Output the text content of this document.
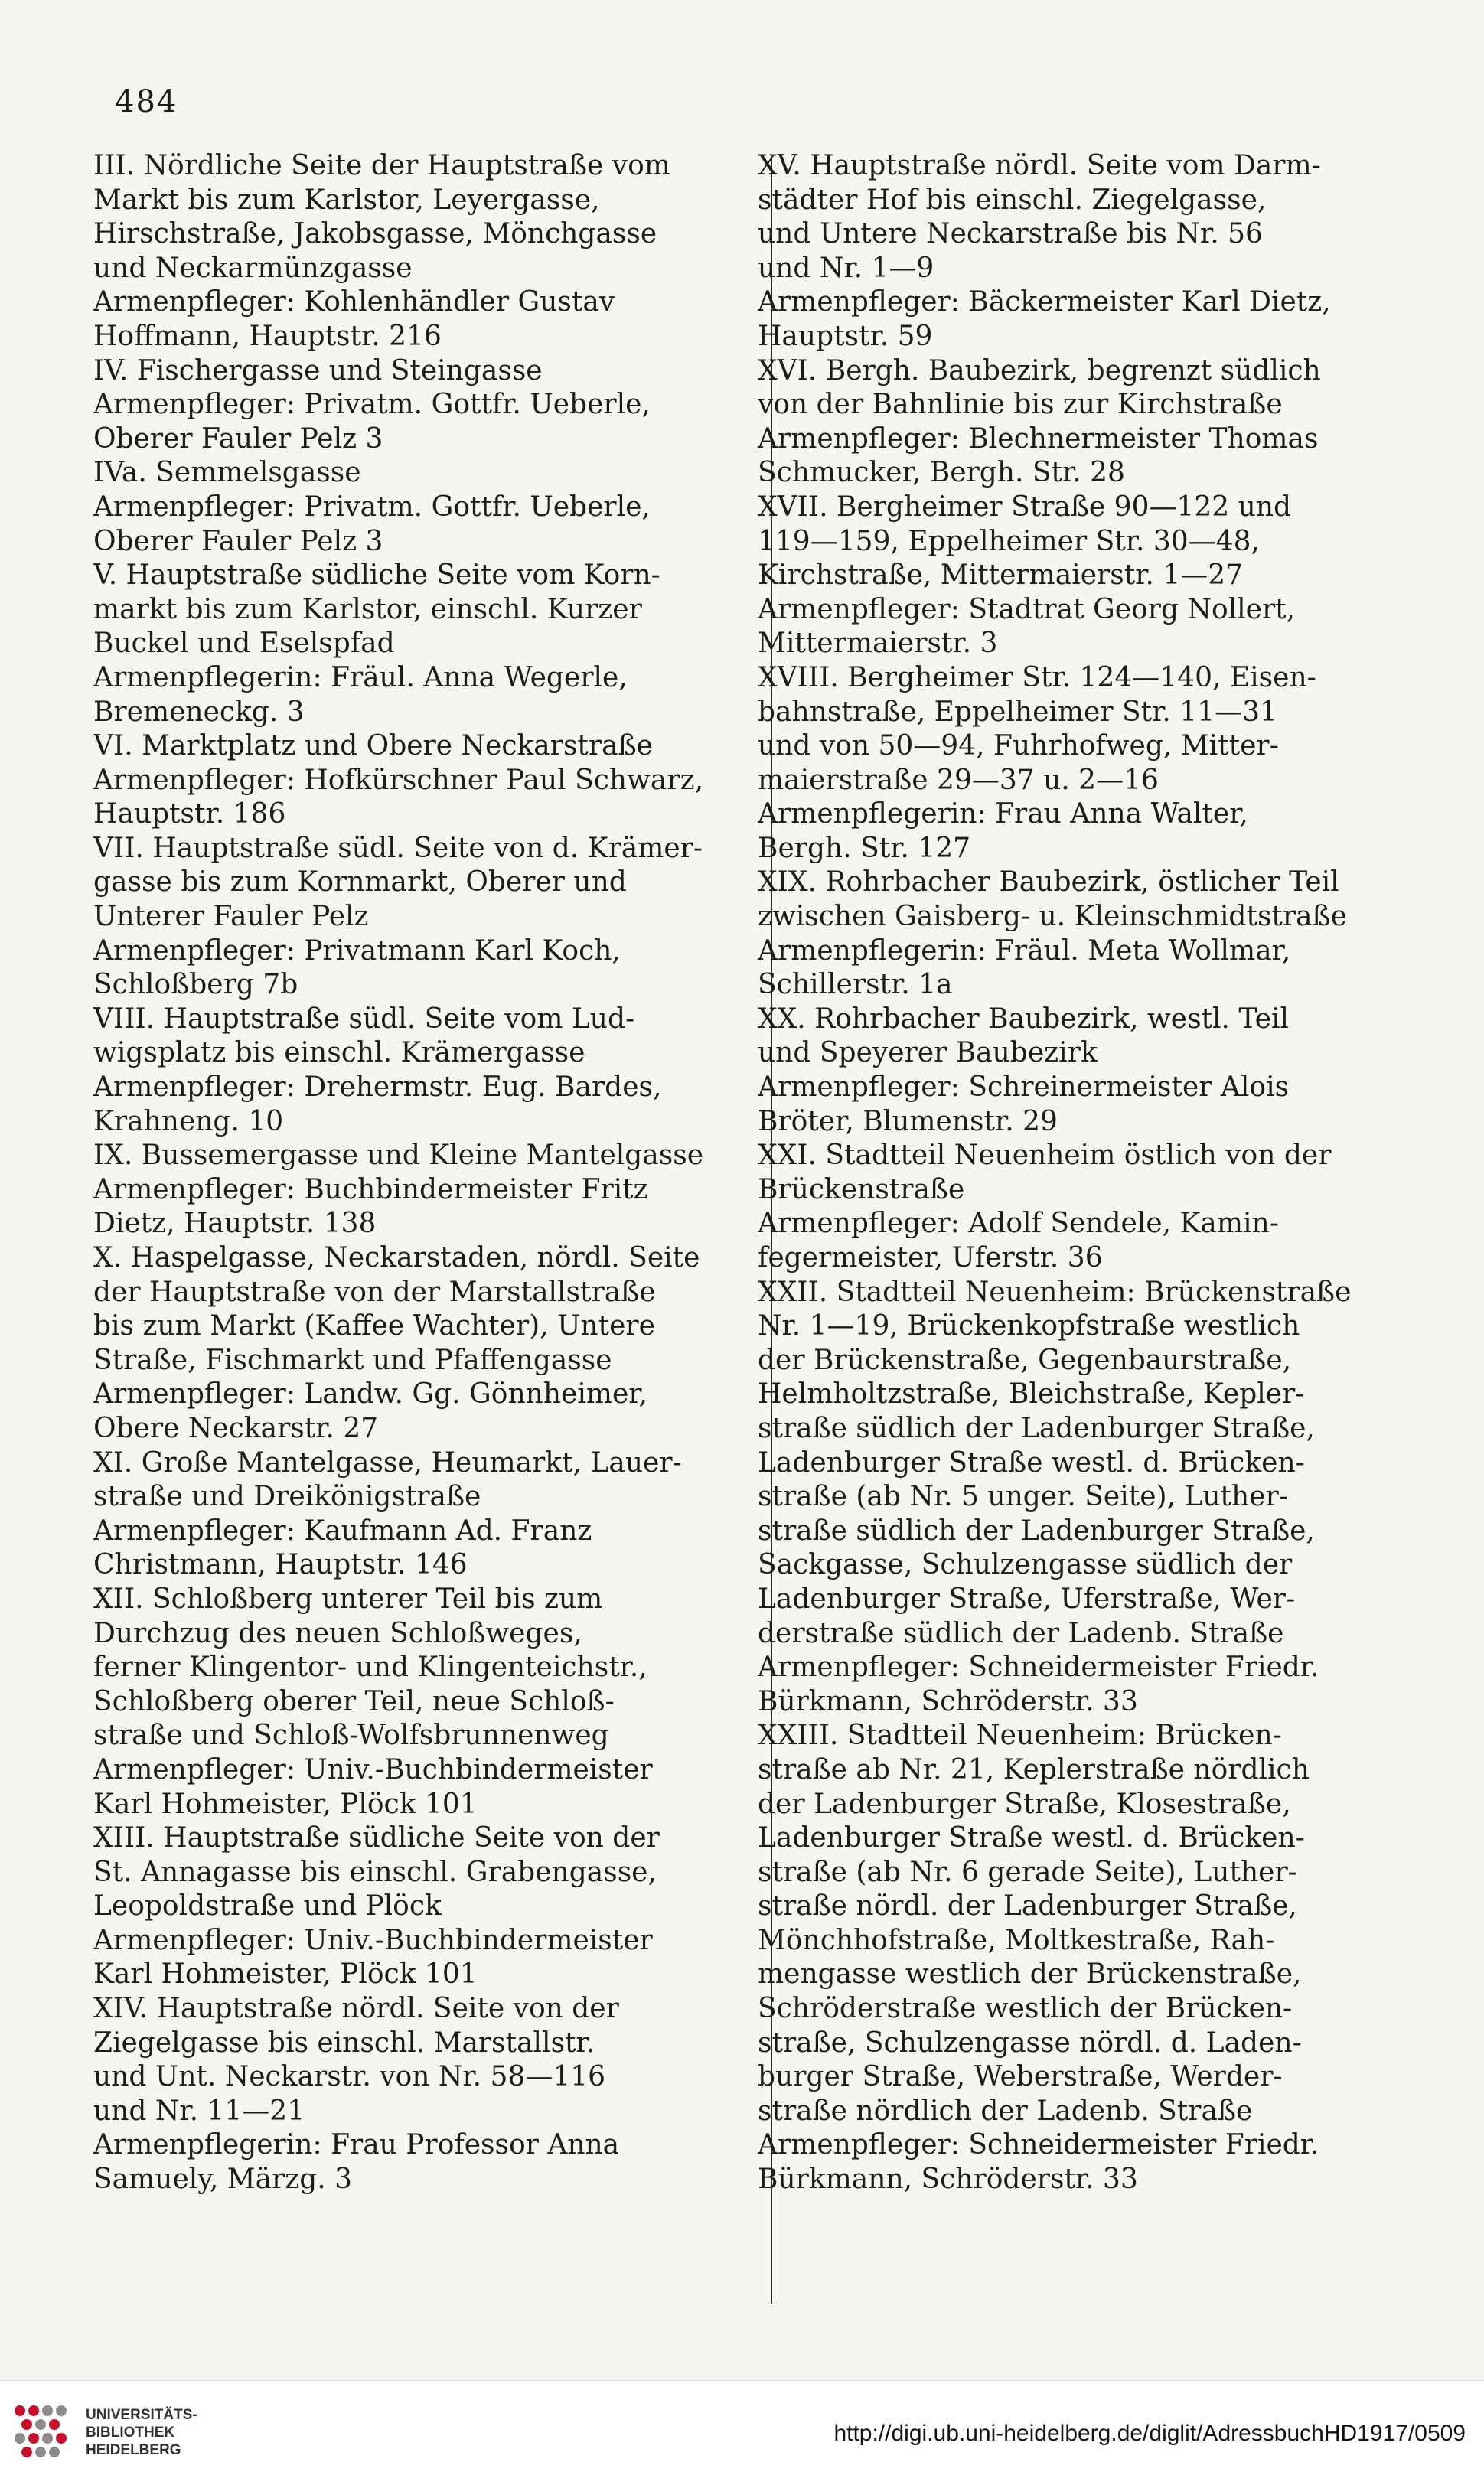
484
III. Nördliche Seite der Hauptstraße vom
Markt bis zum Karlstor, Leyergasse,
Hirschstraße, Jakobsgasse, Mönchgasse
und Neckarmünzgasse
Armenpfleger: Kohlenhändler Gustav
Hoffmann, Hauptstr. 216
IV. Fischergasse und Steingasse
Armenpfleger: Privatm. Gottfr. Ueberle,
Oberer Fauler Pelz 3
IVa. Semmelsgasse
Armenpfleger: Privatm. Gottfr. Ueberle,
Oberer Fauler Pelz 3
V. Hauptstraße südliche Seite vom Korn-
markt bis zum Karlstor, einschl. Kurzer
Buckel und Eselspfad
Armenpflegerin: Fräul. Anna Wegerle,
Bremeneckg. 3
VI. Marktplatz und Obere Neckarstraße
Armenpfleger: Hofkürschner Paul Schwarz,
Hauptstr. 186
VII. Hauptstraße südl. Seite von d. Krämer-
gasse bis zum Kornmarkt, Oberer und
Unterer Fauler Pelz
Armenpfleger: Privatmann Karl Koch,
Schloßberg 7b
VIII. Hauptstraße südl. Seite vom Lud-
wigsplatz bis einschl. Krämergasse
Armenpfleger: Drehermstr. Eug. Bardes,
Krahneng. 10
IX. Bussemergasse und Kleine Mantelgasse
Armenpfleger: Buchbindermeister Fritz
Dietz, Hauptstr. 138
X. Haspelgasse, Neckarstaden, nördl. Seite
der Hauptstraße von der Marstallstraße
bis zum Markt (Kaffee Wachter), Untere
Straße, Fischmarkt und Pfaffengasse
Armenpfleger: Landw. Gg. Gönnheimer,
Obere Neckarstr. 27
XI. Große Mantelgasse, Heumarkt, Lauer-
straße und Dreikönigstraße
Armenpfleger: Kaufmann Ad. Franz
Christmann, Hauptstr. 146
XII. Schloßberg unterer Teil bis zum
Durchzug des neuen Schloßweges,
ferner Klingentor- und Klingenteichstr.,
Schloßberg oberer Teil, neue Schloß-
straße und Schloß-Wolfsbrunnenweg
Armenpfleger: Univ.-Buchbindermeister
Karl Hohmeister, Plöck 101
XIII. Hauptstraße südliche Seite von der
St. Annagasse bis einschl. Grabengasse,
Leopoldstraße und Plöck
Armenpfleger: Univ.-Buchbindermeister
Karl Hohmeister, Plöck 101
XIV. Hauptstraße nördl. Seite von der
Ziegelgasse bis einschl. Marstallstr.
und Unt. Neckarstr. von Nr. 58—116
und Nr. 11—21
Armenpflegerin: Frau Professor Anna
Samuely, Märzg. 3
XV. Hauptstraße nördl. Seite vom Darm-
städter Hof bis einschl. Ziegelgasse,
und Untere Neckarstraße bis Nr. 56
und Nr. 1—9
Armenpfleger: Bäckermeister Karl Dietz,
Hauptstr. 59
XVI. Bergh. Baubezirk, begrenzt südlich
von der Bahnlinie bis zur Kirchstraße
Armenpfleger: Blechnermeister Thomas
Schmucker, Bergh. Str. 28
XVII. Bergheimer Straße 90—122 und
119—159, Eppelheimer Str. 30—48,
Kirchstraße, Mittermaierstr. 1—27
Armenpfleger: Stadtrat Georg Nollert,
Mittermaierstr. 3
XVIII. Bergheimer Str. 124—140, Eisen-
bahnstraße, Eppelheimer Str. 11—31
und von 50—94, Fuhrhofweg, Mitter-
maierstraße 29—37 u. 2—16
Armenpflegerin: Frau Anna Walter,
Bergh. Str. 127
XIX. Rohrbacher Baubezirk, östlicher Teil
zwischen Gaisberg- u. Kleinschmidtstraße
Armenpflegerin: Fräul. Meta Wollmar,
Schillerstr. 1a
XX. Rohrbacher Baubezirk, westl. Teil
und Speyerer Baubezirk
Armenpfleger: Schreinermeister Alois
Bröter, Blumenstr. 29
XXI. Stadtteil Neuenheim östlich von der
Brückenstraße
Armenpfleger: Adolf Sendele, Kamin-
fegermeister, Uferstr. 36
XXII. Stadtteil Neuenheim: Brückenstraße
Nr. 1—19, Brückenkopfstraße westlich
der Brückenstraße, Gegenbaurstraße,
Helmholtzstraße, Bleichstraße, Kepler-
straße südlich der Ladenburger Straße,
Ladenburger Straße westl. d. Brücken-
straße (ab Nr. 5 unger. Seite), Luther-
straße südlich der Ladenburger Straße,
Sackgasse, Schulzengasse südlich der
Ladenburger Straße, Uferstraße, Wer-
derstraße südlich der Ladenb. Straße
Armenpfleger: Schneidermeister Friedr.
Bürkmann, Schröderstr. 33
XXIII. Stadtteil Neuenheim: Brücken-
straße ab Nr. 21, Keplerstraße nördlich
der Ladenburger Straße, Klosestraße,
Ladenburger Straße westl. d. Brücken-
straße (ab Nr. 6 gerade Seite), Luther-
straße nördl. der Ladenburger Straße,
Mönchhofstraße, Moltkestraße, Rah-
mengasse westlich der Brückenstraße,
Schröderstraße westlich der Brücken-
straße, Schulzengasse nördl. d. Laden-
burger Straße, Weberstraße, Werder-
straße nördlich der Ladenb. Straße
Armenpfleger: Schneidermeister Friedr.
Bürkmann, Schröderstr. 33
UNIVERSITÄTS-
BIBLIOTHEK
HEIDELBERG
http://digi.ub.uni-heidelberg.de/diglit/AdressbuchHD1917/0509
